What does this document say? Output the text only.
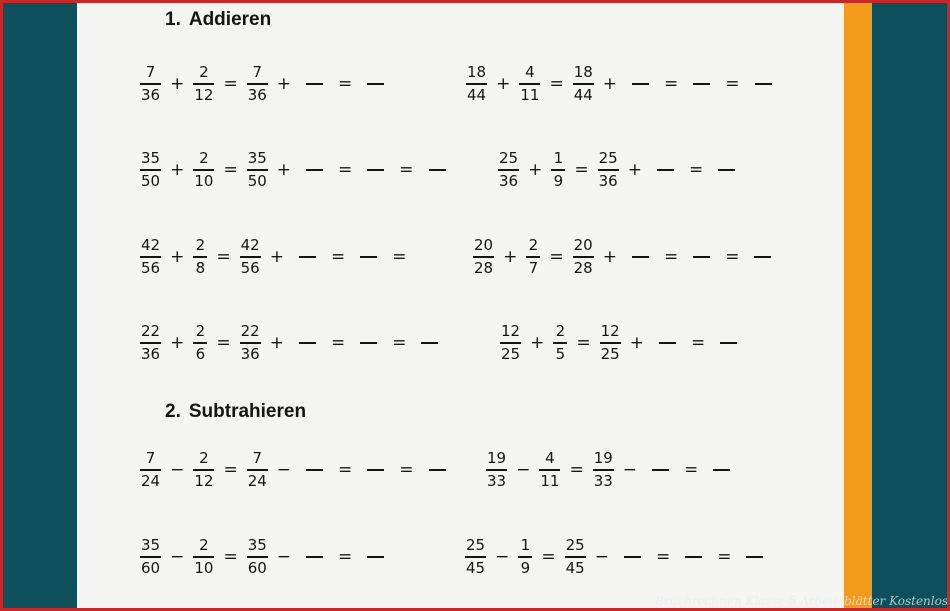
1. Addieren
2. Subtrahieren
$\frac{7}{36} + \frac{2}{12} = \frac{7}{36}$ +	=	$\frac{18}{44} + \frac{4}{11} = \frac{18}{44}$ +	=	=
$\frac{35}{50} + \frac{2}{10} = \frac{35}{50}$ +	=	=	$\frac{25}{36} + \frac{1}{9} = \frac{25}{36}$ +	=
$\frac{42}{56} + \frac{2}{8} = \frac{42}{56}$ +	=	=	$\frac{20}{28} + \frac{2}{7} = \frac{20}{28}$ +	=	=
$\frac{22}{36} + \frac{2}{6} = \frac{22}{36}$ +	=	=	$\frac{12}{25} + \frac{2}{5} = \frac{12}{25}$ +	=
$\frac{7}{24} - \frac{2}{12} = \frac{7}{24}$ −	=	=	$\frac{19}{33} - \frac{4}{11} = \frac{19}{33}$ −	=
$\frac{35}{60} - \frac{2}{10} = \frac{35}{60}$ −	=	$\frac{25}{45} - \frac{1}{9} = \frac{25}{45}$ −	=	=
Bruchrechnen Klasse 5 Arbeitsblätter Kostenlos
